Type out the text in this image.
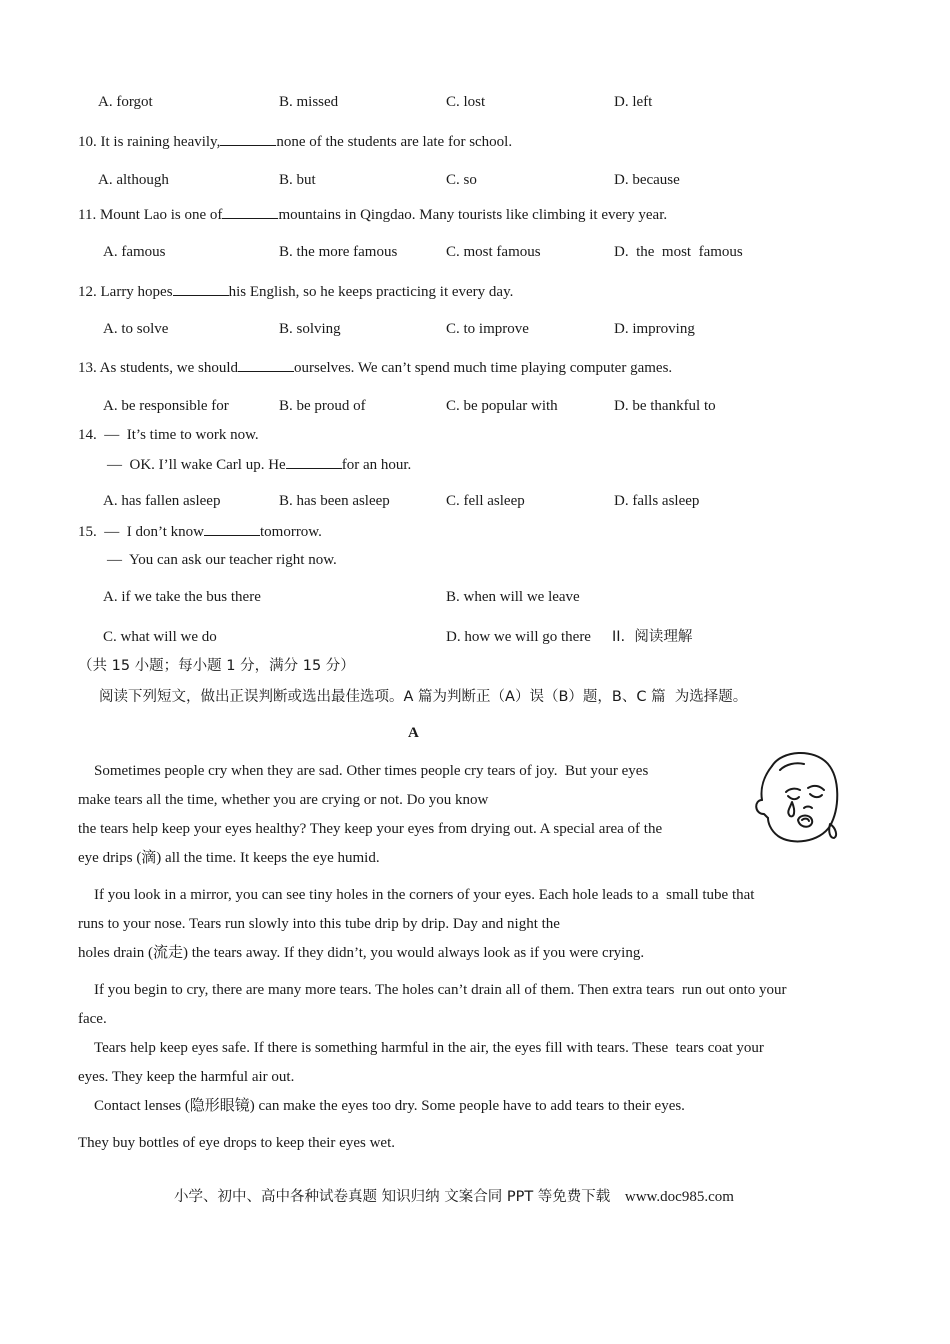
A. forgot	B. missed	C. lost	D. left
10. It is raining heavily,	none of the students are late for school.
A. although	B. but	C. so	D. because
11. Mount Lao is one of	mountains in Qingdao. Many tourists like climbing it every year.
A. famous	B. the more famous	C. most famous	D.  the  most  famous
12. Larry hopes	his English, so he keeps practicing it every day.
A. to solve	B. solving	C. to improve	D. improving
13. As students, we should	ourselves. We can’t spend much time playing computer games.
A. be responsible for	B. be proud of	C. be popular with	D. be thankful to
14.  —  It’s time to work now.
—  OK. I’ll wake Carl up. He	for an hour.
A. has fallen asleep	B. has been asleep	C. fell asleep	D. falls asleep
15.  —  I don’t know	tomorrow.
—  You can ask our teacher right now.
A. if we take the bus there	B. when will we leave
C. what will we do	D. how we will go there II.  阅读理解
（共 15 小题；每小题 1 分，满分 15 分）
阅读下列短文，做出正误判断或选出最佳选项。A 篇为判断正（A）误（B）题，B、C 篇  为选择题。
A
Sometimes people cry when they are sad. Other times people cry tears of joy.  But your eyes
make tears all the time, whether you are crying or not. Do you know
the tears help keep your eyes healthy? They keep your eyes from drying out. A special area of the
eye drips (滴) all the time. It keeps the eye humid.
If you look in a mirror, you can see tiny holes in the corners of your eyes. Each hole leads to a  small tube that
runs to your nose. Tears run slowly into this tube drip by drip. Day and night the
holes drain (流走) the tears away. If they didn’t, you would always look as if you were crying.
If you begin to cry, there are many more tears. The holes can’t drain all of them. Then extra tears  run out onto your
face.
Tears help keep eyes safe. If there is something harmful in the air, the eyes fill with tears. These  tears coat your
eyes. They keep the harmful air out.
Contact lenses (隐形眼镜) can make the eyes too dry. Some people have to add tears to their eyes.
They buy bottles of eye drops to keep their eyes wet.
小学、初中、高中各种试卷真题 知识归纳 文案合同 PPT 等免费下载 www.doc985.com
